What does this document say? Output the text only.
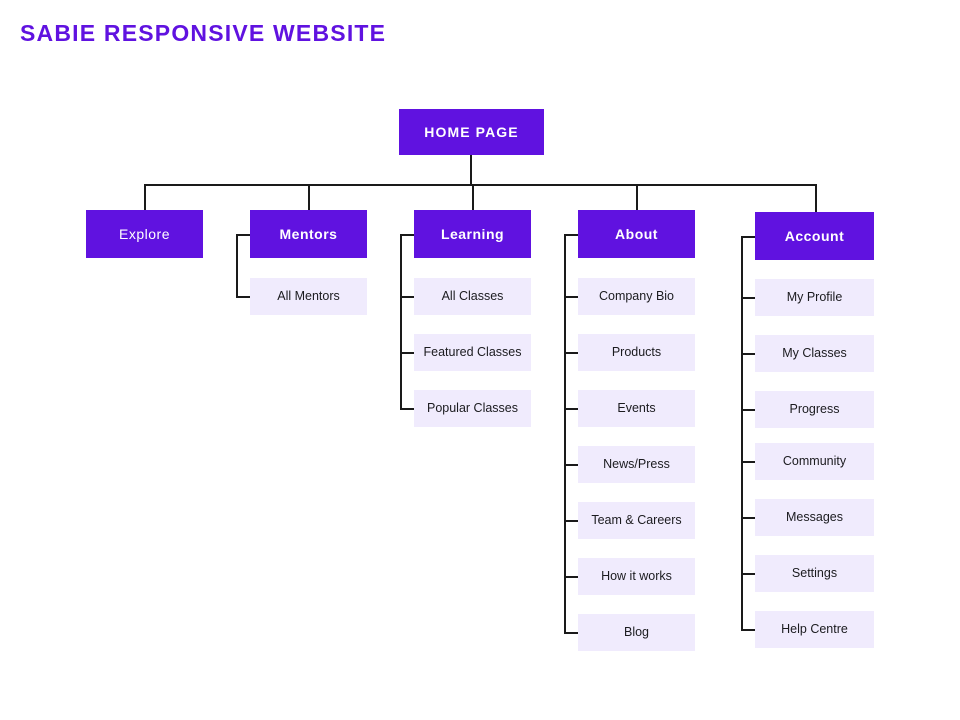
SABIE RESPONSIVE WEBSITE
HOME PAGE
Explore	Mentors	Learning	About	Account
All Mentors	All Classes
Featured Classes
Popular Classes
Company Bio
Products
Events
News/Press
Team & Careers
How it works
Blog
My Profile
My Classes
Progress
Community
Messages
Settings
Help Centre
